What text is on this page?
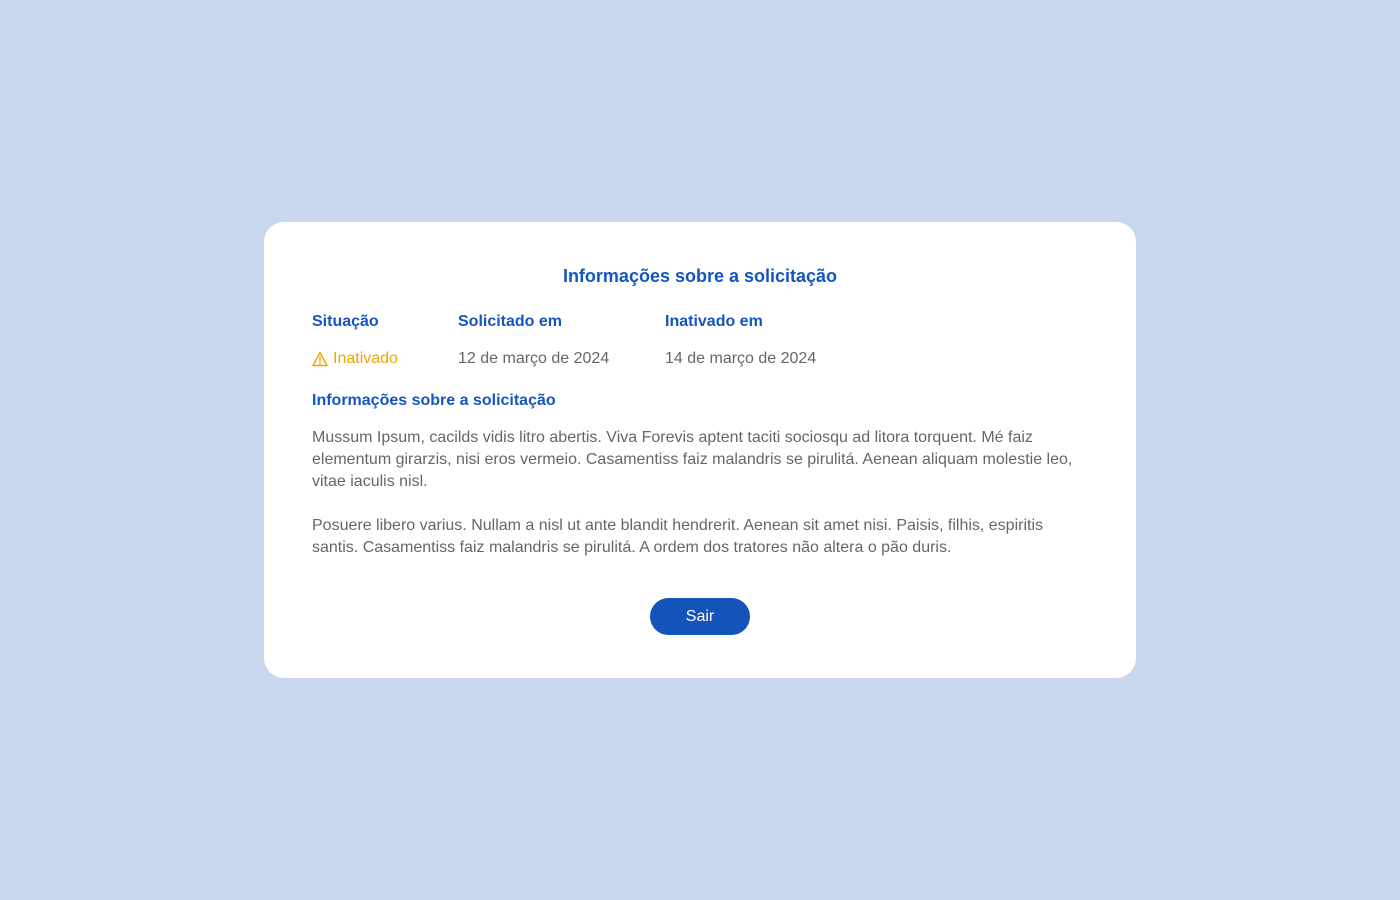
Informações sobre a solicitação
Situação	Solicitado em	Inativado em
Inativado	12 de março de 2024	14 de março de 2024
Informações sobre a solicitação
Mussum Ipsum, cacilds vidis litro abertis. Viva Forevis aptent taciti sociosqu ad litora torquent. Mé faiz elementum girarzis, nisi eros vermeio. Casamentiss faiz malandris se pirulitá. Aenean aliquam molestie leo, vitae iaculis nisl.
Posuere libero varius. Nullam a nisl ut ante blandit hendrerit. Aenean sit amet nisi. Paisis, filhis, espiritis santis. Casamentiss faiz malandris se pirulitá. A ordem dos tratores não altera o pão duris.
Sair
